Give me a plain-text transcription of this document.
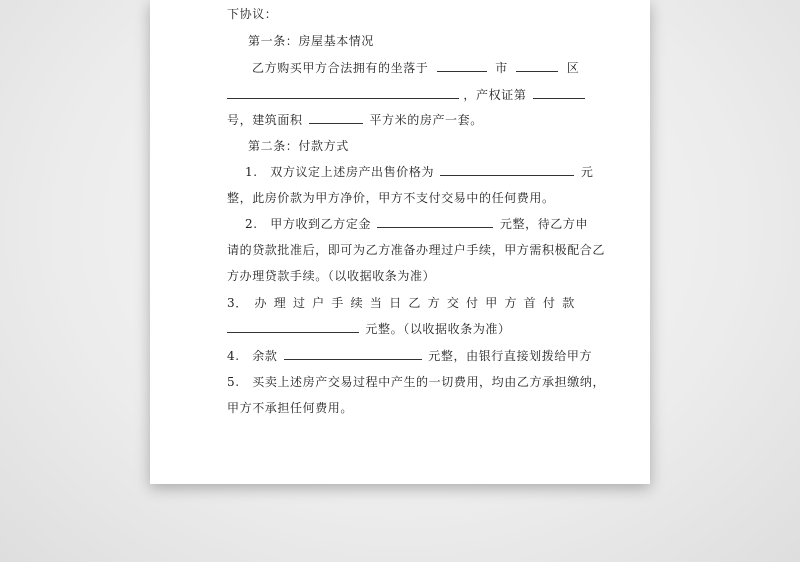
下协议：
第一条：房屋基本情况
乙方购买甲方合法拥有的坐落于	市	区
，产权证第
号，建筑面积	平方米的房产一套。
第二条：付款方式
1.　双方议定上述房产出售价格为	元
整，此房价款为甲方净价，甲方不支付交易中的任何费用。
2.　甲方收到乙方定金	元整，待乙方申
请的贷款批准后，即可为乙方准备办理过户手续，甲方需积极配合乙
方办理贷款手续。（以收据收条为准）
3． 办 理 过 户 手 续 当 日 乙 方 交 付 甲 方 首 付 款
元整。（以收据收条为准）
4.　余款	元整，由银行直接划拨给甲方
5.　买卖上述房产交易过程中产生的一切费用，均由乙方承担缴纳，
甲方不承担任何费用。
